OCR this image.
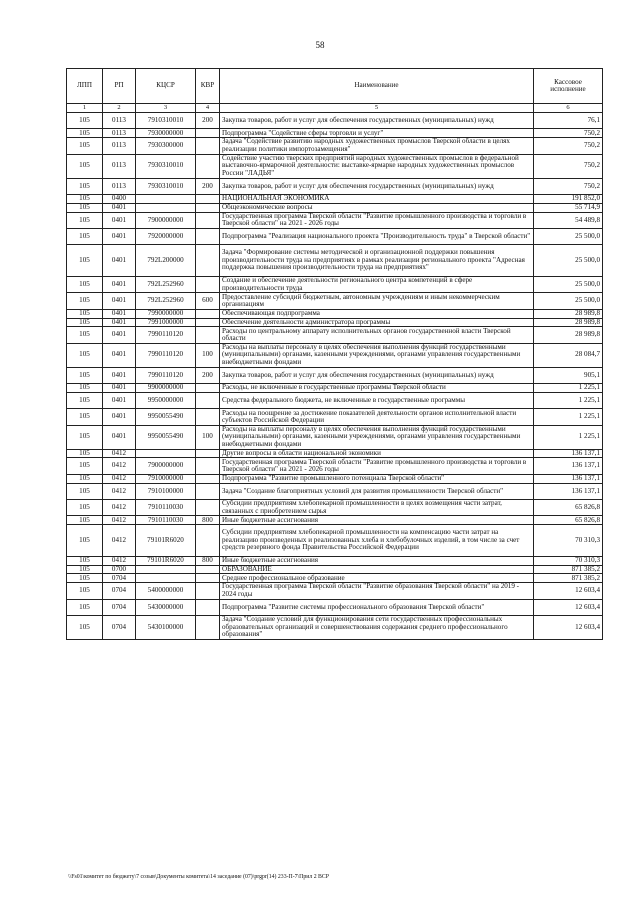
58
ЛПП	РП	КЦСР	КВР	Наименование	Кассовое исполнение
1	2	3	4	5	6
105	0113	7910310010	200	Закупка товаров, работ и услуг для обеспечения государственных (муниципальных) нужд	76,1
105	0113	7930000000		Подпрограмма "Содействие сферы торговли и услуг"	750,2
105	0113	7930300000		Задача "Содействие развитию народных художественных промыслов Тверской области в целях реализации политики импортозамещения"	750,2
105	0113	7930310010		Содействие участию тверских предприятий народных художественных промыслов в федеральной выставочно-ярмарочной деятельности: выставке-ярмарке народных художественных промыслов России "ЛАДЬЯ"	750,2
105	0113	7930310010	200	Закупка товаров, работ и услуг для обеспечения государственных (муниципальных) нужд	750,2
105	0400			НАЦИОНАЛЬНАЯ ЭКОНОМИКА	191 852,0
105	0401			Общеэкономические вопросы	55 714,9
105	0401	7900000000		Государственная программа Тверской области "Развитие промышленного производства и торговли в Тверской области" на 2021 - 2026 годы	54 489,8
105	0401	7920000000		Подпрограмма "Реализация национального проекта "Производительность труда" в Тверской области"	25 500,0
105	0401	792L200000		Задача "Формирование системы методической и организационной поддержки повышения производительности труда на предприятиях в рамках реализации регионального проекта "Адресная поддержка повышения производительности труда на предприятиях"	25 500,0
105	0401	792L252960		Создание и обеспечение деятельности регионального центра компетенций в сфере производительности труда	25 500,0
105	0401	792L252960	600	Предоставление субсидий бюджетным, автономным учреждениям и иным некоммерческим организациям	25 500,0
105	0401	7990000000		Обеспечивающая подпрограмма	28 989,8
105	0401	7991000000		Обеспечение деятельности администратора программы	28 989,8
105	0401	7990110120		Расходы по центральному аппарату исполнительных органов государственной власти Тверской области	28 989,8
105	0401	7990110120	100	Расходы на выплаты персоналу в целях обеспечения выполнения функций государственными (муниципальными) органами, казенными учреждениями, органами управления государственными внебюджетными фондами	28 084,7
105	0401	7990110120	200	Закупка товаров, работ и услуг для обеспечения государственных (муниципальных) нужд	905,1
105	0401	9900000000		Расходы, не включенные в государственные программы Тверской области	1 225,1
105	0401	9950000000		Средства федерального бюджета, не включенные в государственные программы	1 225,1
105	0401	9950055490		Расходы на поощрение за достижение показателей деятельности органов исполнительной власти субъектов Российской Федерации	1 225,1
105	0401	9950055490	100	Расходы на выплаты персоналу в целях обеспечения выполнения функций государственными (муниципальными) органами, казенными учреждениями, органами управления государственными внебюджетными фондами	1 225,1
105	0412			Другие вопросы в области национальной экономики	136 137,1
105	0412	7900000000		Государственная программа Тверской области "Развитие промышленного производства и торговли в Тверской области" на 2021 - 2026 годы	136 137,1
105	0412	7910000000		Подпрограмма "Развитие промышленного потенциала Тверской области"	136 137,1
105	0412	7910100000		Задача "Создание благоприятных условий для развития промышленности Тверской области"	136 137,1
105	0412	7910110030		Субсидии предприятиям хлебопекарной промышленности в целях возмещения части затрат, связанных с приобретением сырья	65 826,8
105	0412	7910110030	800	Иные бюджетные ассигнования	65 826,8
105	0412	79101R6020		Субсидии предприятиям хлебопекарной промышленности на компенсацию части затрат на реализацию произведенных и реализованных хлеба и хлебобулочных изделий, в том числе за счет средств резервного фонда Правительства Российской Федерации	70 310,3
105	0412	79101R6020	800	Иные бюджетные ассигнования	70 310,3
105	0700			ОБРАЗОВАНИЕ	871 385,2
105	0704			Среднее профессиональное образование	871 385,2
105	0704	5400000000		Государственная программа Тверской области "Развитие образования Тверской области" на 2019 - 2024 годы	12 603,4
105	0704	5430000000		Подпрограмма "Развитие системы профессионального образования Тверской области"	12 603,4
105	0704	5430100000		Задача "Создание условий для функционирования сети государственных профессиональных образовательных организаций и совершенствования содержания среднего профессионального образования"	12 603,4
\\Fs01\комитет по бюджету\7 созыв\Документы комитета\14 заседание (07)\prgpr(14) 233-П-7\Прил 2 ВСР
